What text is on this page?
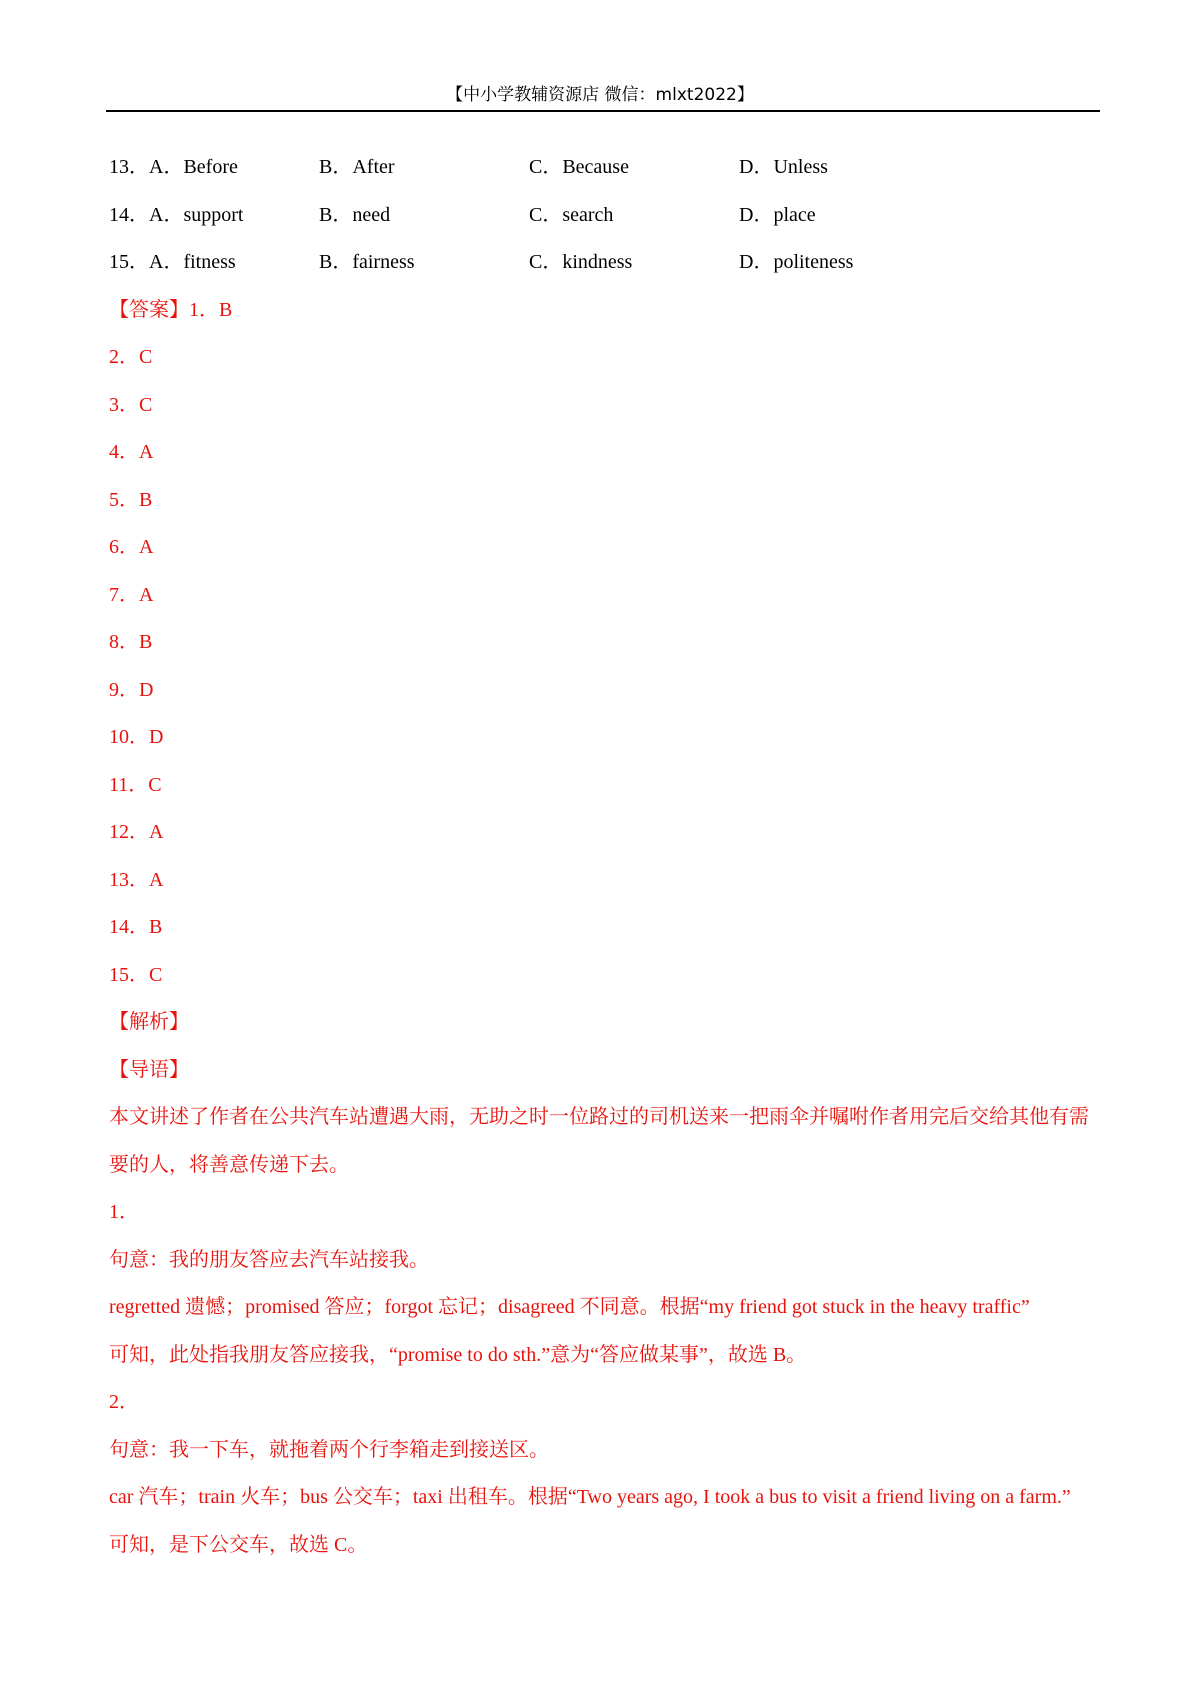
【中小学教辅资源店 微信：mlxt2022】
13．A．Before	B．After	C．Because	D．Unless
14．A．support	B．need	C．search	D．place
15．A．fitness	B．fairness	C．kindness	D．politeness
【答案】1．B
2．C
3．C
4．A
5．B
6．A
7．A
8．B
9．D
10．D
11．C
12．A
13．A
14．B
15．C
【解析】
【导语】
本文讲述了作者在公共汽车站遭遇大雨，无助之时一位路过的司机送来一把雨伞并嘱咐作者用完后交给其他有需要的人，将善意传递下去。
1．
句意：我的朋友答应去汽车站接我。
regretted 遗憾；promised 答应；forgot 忘记；disagreed 不同意。根据“my friend got stuck in the heavy traffic”
可知，此处指我朋友答应接我，“promise to do sth.”意为“答应做某事”，故选 B。
2．
句意：我一下车，就拖着两个行李箱走到接送区。
car 汽车；train 火车；bus 公交车；taxi 出租车。根据“Two years ago, I took a bus to visit a friend living on a farm.”
可知，是下公交车，故选 C。
